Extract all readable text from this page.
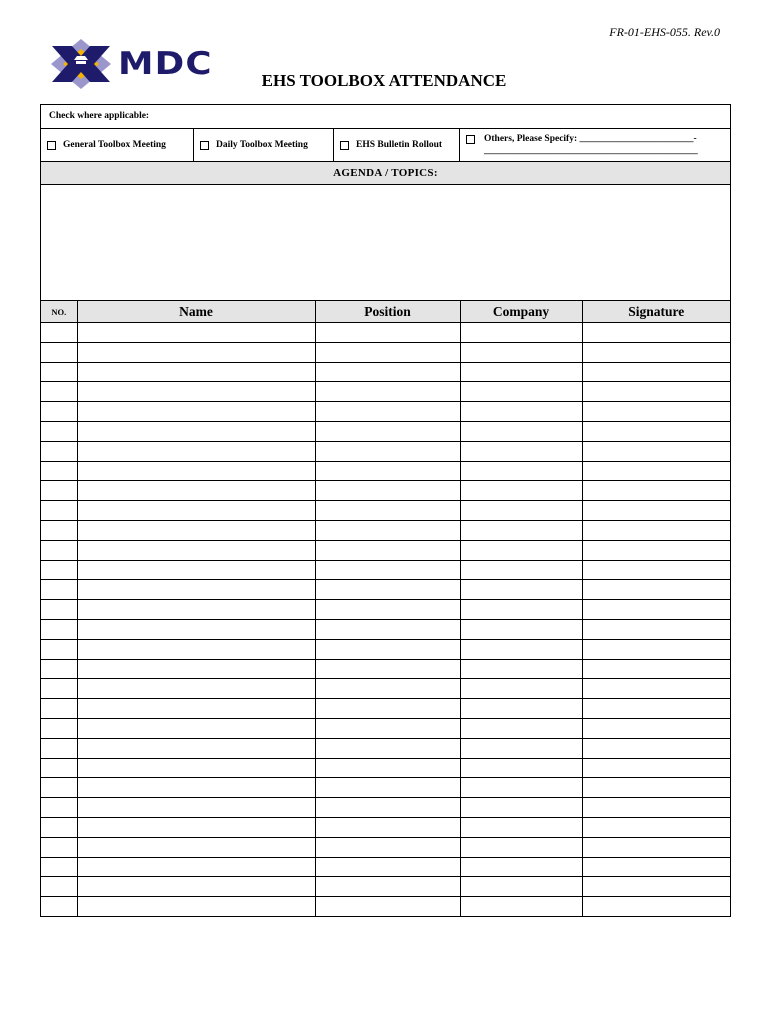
FR-01-EHS-055. Rev.0
MDC	EHS TOOLBOX ATTENDANCE
Check where applicable:
General Toolbox Meeting	Daily Toolbox Meeting	EHS Bulletin Rollout
Others, Please Specify: ________________________-
_____________________________________________
AGENDA / TOPICS:
NO.	Name	Position	Company	Signature
